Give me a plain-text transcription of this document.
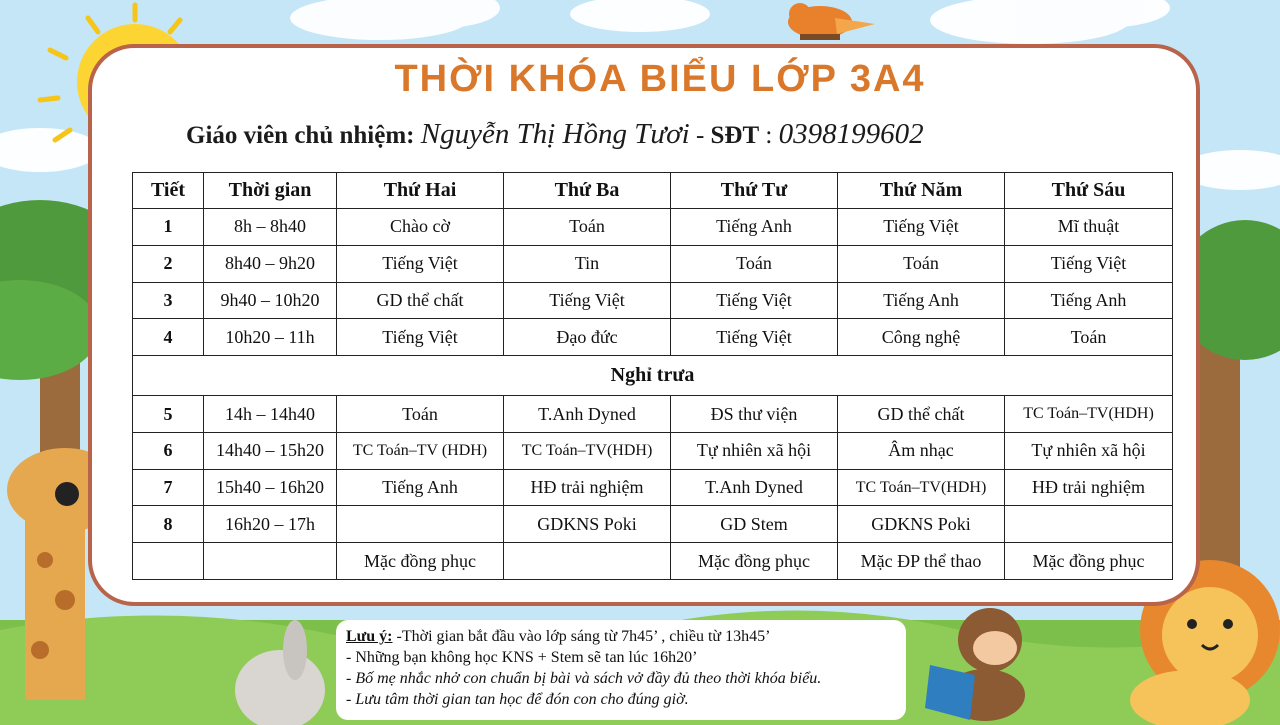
THỜI KHÓA BIỂU LỚP 3A4
Giáo viên chủ nhiệm: Nguyễn Thị Hồng Tươi - SĐT : 0398199602
Tiết	Thời gian	Thứ Hai	Thứ Ba	Thứ Tư	Thứ Năm	Thứ Sáu
1	8h – 8h40	Chào cờ	Toán	Tiếng Anh	Tiếng Việt	Mĩ thuật
2	8h40 – 9h20	Tiếng Việt	Tin	Toán	Toán	Tiếng Việt
3	9h40 – 10h20	GD thể chất	Tiếng Việt	Tiếng Việt	Tiếng Anh	Tiếng Anh
4	10h20 – 11h	Tiếng Việt	Đạo đức	Tiếng Việt	Công nghệ	Toán
Nghỉ trưa						
5	14h – 14h40	Toán	T.Anh Dyned	ĐS thư viện	GD thể chất	TC Toán–TV(HDH)
6	14h40 – 15h20	TC Toán–TV (HDH)	TC Toán–TV(HDH)	Tự nhiên xã hội	Âm nhạc	Tự nhiên xã hội
7	15h40 – 16h20	Tiếng Anh	HĐ trải nghiệm	T.Anh Dyned	TC Toán–TV(HDH)	HĐ trải nghiệm
8	16h20 – 17h		GDKNS Poki	GD Stem	GDKNS Poki	
		Mặc đồng phục		Mặc đồng phục	Mặc ĐP thể thao	Mặc đồng phục

Lưu ý: -Thời gian bắt đầu vào lớp sáng từ 7h45’ , chiều từ 13h45’

- Những bạn không học KNS + Stem sẽ tan lúc 16h20’

- Bố mẹ nhắc nhở con chuẩn bị bài và sách vở đầy đủ theo thời khóa biểu.

- Lưu tâm thời gian tan học để đón con cho đúng giờ.
